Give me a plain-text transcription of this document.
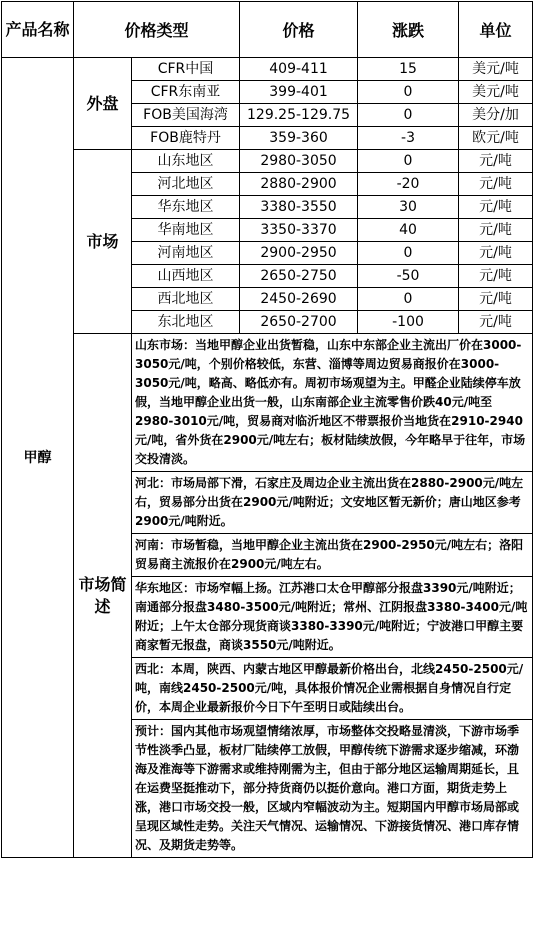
产品名称	价格类型		价格	涨跌	单位
甲醇	外盘	CFR中国	409-411	15	美元/吨
		CFR东南亚	399-401	0	美元/吨
		FOB美国海湾	129.25-129.75	0	美分/加
		FOB鹿特丹	359-360	-3	欧元/吨
	市场	山东地区	2980-3050	0	元/吨
		河北地区	2880-2900	-20	元/吨
		华东地区	3380-3550	30	元/吨
		华南地区	3350-3370	40	元/吨
		河南地区	2900-2950	0	元/吨
		山西地区	2650-2750	-50	元/吨
		西北地区	2450-2690	0	元/吨
		东北地区	2650-2700	-100	元/吨
	市场简述	山东市场：当地甲醇企业出货暂稳，山东中东部企业主流出厂价在3000-3050元/吨，个别价格较低，东营、淄博等周边贸易商报价在3000-3050元/吨，略高、略低亦有。周初市场观望为主。甲醛企业陆续停车放假，当地甲醇企业出货一般，山东南部企业主流零售价跌40元/吨至2980-3010元/吨，贸易商对临沂地区不带票报价当地货在2910-2940元/吨，省外货在2900元/吨左右；板材陆续放假，今年略早于往年，市场交投清淡。			
		河北：市场局部下滑，石家庄及周边企业主流出货在2880-2900元/吨左右，贸易部分出货在2900元/吨附近；文安地区暂无新价；唐山地区参考2900元/吨附近。			
		河南：市场暂稳，当地甲醇企业主流出货在2900-2950元/吨左右；洛阳贸易商主流报价在2900元/吨左右。			
		华东地区：市场窄幅上扬。江苏港口太仓甲醇部分报盘3390元/吨附近；南通部分报盘3480-3500元/吨附近；常州、江阴报盘3380-3400元/吨附近；上午太仓部分现货商谈3380-3390元/吨附近；宁波港口甲醇主要商家暂无报盘，商谈3550元/吨附近。			
		西北：本周，陕西、内蒙古地区甲醇最新价格出台，北线2450-2500元/吨，南线2450-2500元/吨，具体报价情况企业需根据自身情况自行定价，本周企业最新报价今日下午至明日或陆续出台。			
		预计：国内其他市场观望情绪浓厚，市场整体交投略显清淡，下游市场季节性淡季凸显，板材厂陆续停工放假，甲醇传统下游需求逐步缩减，环渤海及淮海等下游需求或维持刚需为主，但由于部分地区运输周期延长，且在运费坚挺推动下，部分持货商仍以挺价意向。港口方面，期货走势上涨，港口市场交投一般，区域内窄幅波动为主。短期国内甲醇市场局部或呈现区域性走势。关注天气情况、运输情况、下游接货情况、港口库存情况、及期货走势等。			
